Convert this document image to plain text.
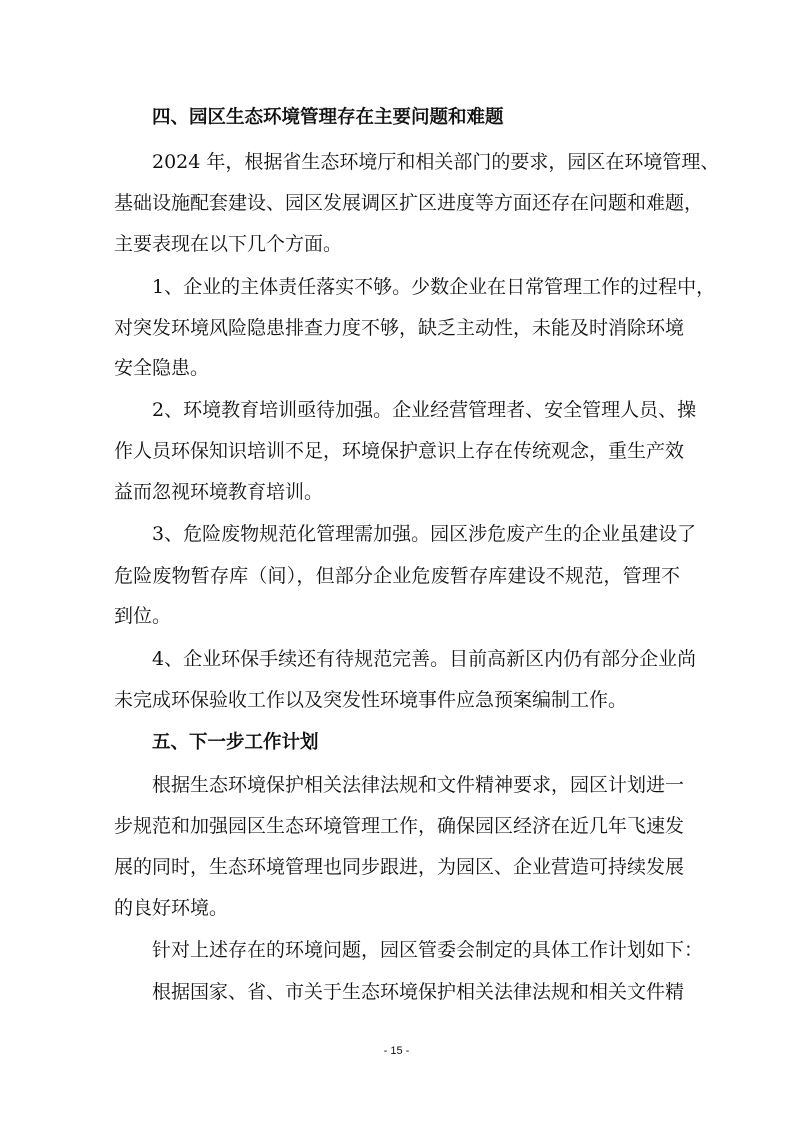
四、园区生态环境管理存在主要问题和难题
2024 年，根据省生态环境厅和相关部门的要求，园区在环境管理、
基础设施配套建设、园区发展调区扩区进度等方面还存在问题和难题，
主要表现在以下几个方面。
1、企业的主体责任落实不够。少数企业在日常管理工作的过程中，
对突发环境风险隐患排查力度不够，缺乏主动性，未能及时消除环境
安全隐患。
2、环境教育培训亟待加强。企业经营管理者、安全管理人员、操
作人员环保知识培训不足，环境保护意识上存在传统观念，重生产效
益而忽视环境教育培训。
3、危险废物规范化管理需加强。园区涉危废产生的企业虽建设了
危险废物暂存库（间），但部分企业危废暂存库建设不规范，管理不
到位。
4、企业环保手续还有待规范完善。目前高新区内仍有部分企业尚
未完成环保验收工作以及突发性环境事件应急预案编制工作。
五、下一步工作计划
根据生态环境保护相关法律法规和文件精神要求，园区计划进一
步规范和加强园区生态环境管理工作，确保园区经济在近几年飞速发
展的同时，生态环境管理也同步跟进，为园区、企业营造可持续发展
的良好环境。
针对上述存在的环境问题，园区管委会制定的具体工作计划如下：
根据国家、省、市关于生态环境保护相关法律法规和相关文件精
- 15 -
